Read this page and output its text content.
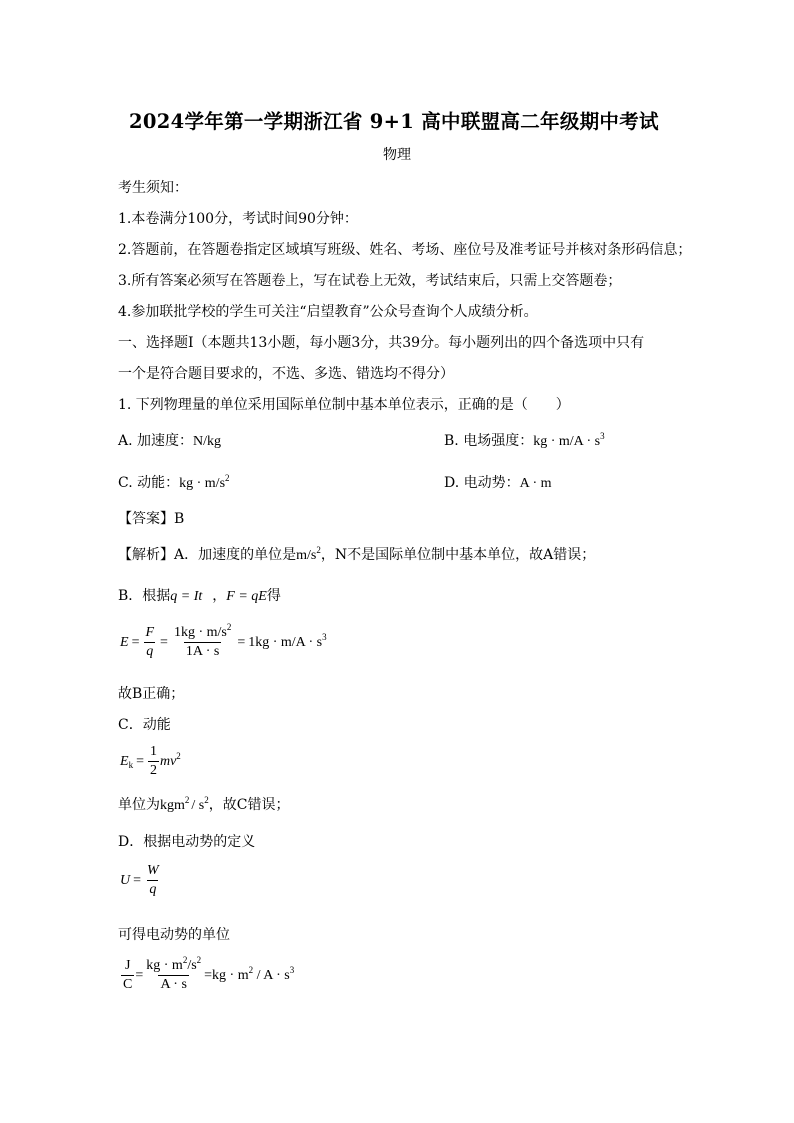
2024学年第一学期浙江省 9+1 高中联盟高二年级期中考试
物理
考生须知：
1.本卷满分100分，考试时间90分钟：
2.答题前，在答题卷指定区域填写班级、姓名、考场、座位号及准考证号并核对条形码信息；
3.所有答案必须写在答题卷上，写在试卷上无效，考试结束后，只需上交答题卷；
4.参加联批学校的学生可关注“启望教育”公众号查询个人成绩分析。
一、选择题Ⅰ（本题共13小题，每小题3分，共39分。每小题列出的四个备选项中只有
一个是符合题目要求的，不选、多选、错选均不得分）
1. 下列物理量的单位采用国际单位制中基本单位表示，正确的是（　　）
A. 加速度：N/kg	B. 电场强度：kg · $m/A \cdot s^3$
C. 动能：kg · $m/s^2$	D. 电动势：A · m
【答案】B
【解析】A．加速度的单位是$m/s^2$，N不是国际单位制中基本单位，故A错误；
B．根据q = It ，F = qE得
$E = \frac{F}{q} = \frac{1kg \cdot m/s^2}{1A \cdot s} = 1kg \cdot m/A \cdot s^3$
故B正确；
C．动能
$E_k = \frac{1}{2} mv^2$
单位为$kgm^2 / s^2$，故C错误；
D．根据电动势的定义
$U = \frac{W}{q}$
可得电动势的单位
$\frac{J}{C} = \frac{kg \cdot m^2/s^2}{A \cdot s} =kg \cdot m^2 / A \cdot s^3$
